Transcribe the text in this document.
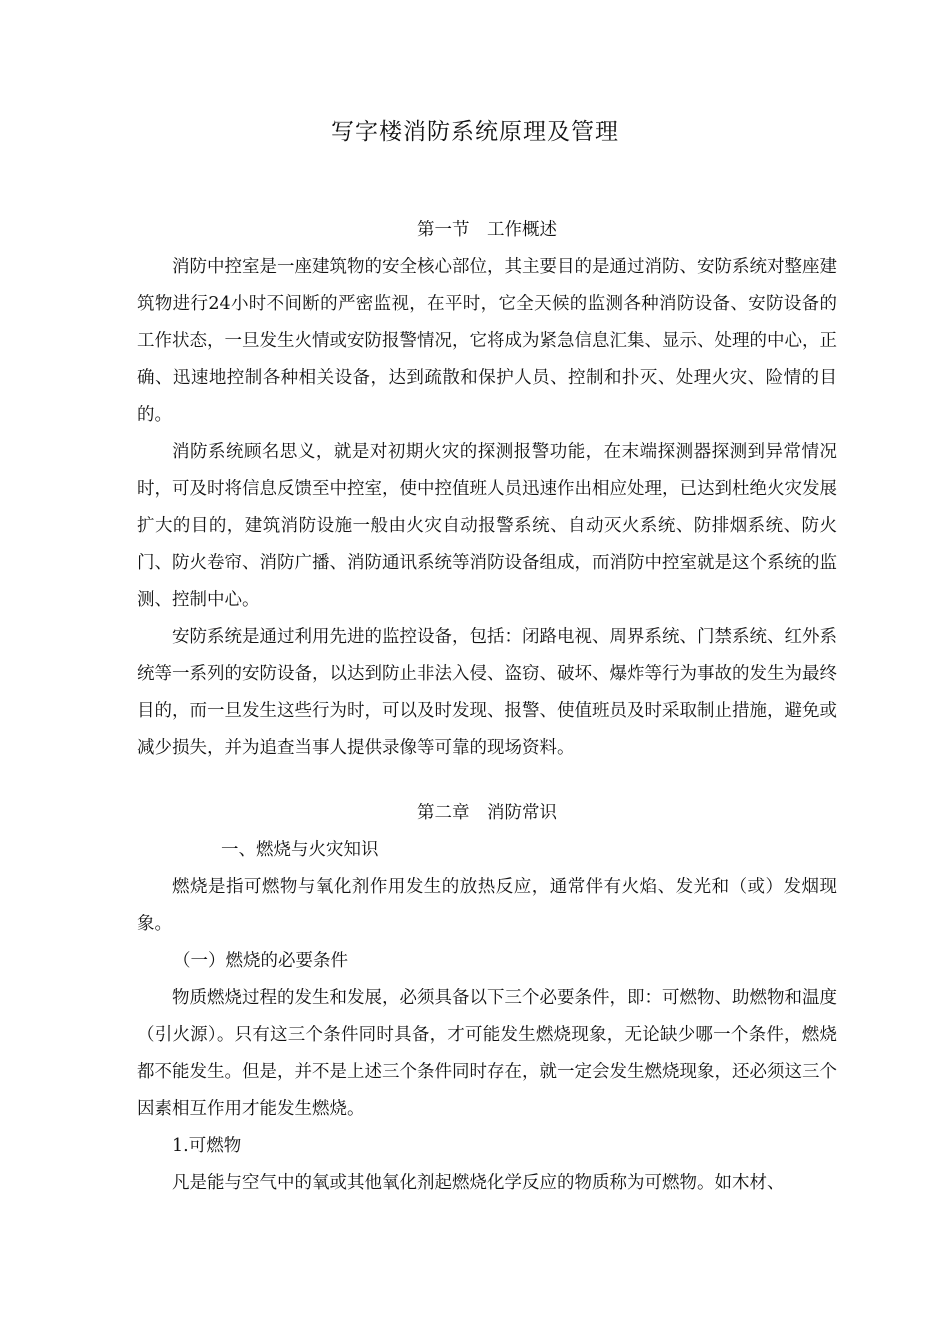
写字楼消防系统原理及管理
第一节　工作概述

消防中控室是一座建筑物的安全核心部位，其主要目的是通过消防、安防系统对整座建筑物进行24小时不间断的严密监视，在平时，它全天候的监测各种消防设备、安防设备的工作状态，一旦发生火情或安防报警情况，它将成为紧急信息汇集、显示、处理的中心，正确、迅速地控制各种相关设备，达到疏散和保护人员、控制和扑灭、处理火灾、险情的目的。

消防系统顾名思义，就是对初期火灾的探测报警功能，在末端探测器探测到异常情况时，可及时将信息反馈至中控室，使中控值班人员迅速作出相应处理，已达到杜绝火灾发展扩大的目的，建筑消防设施一般由火灾自动报警系统、自动灭火系统、防排烟系统、防火门、防火卷帘、消防广播、消防通讯系统等消防设备组成，而消防中控室就是这个系统的监测、控制中心。

安防系统是通过利用先进的监控设备，包括：闭路电视、周界系统、门禁系统、红外系统等一系列的安防设备，以达到防止非法入侵、盗窃、破坏、爆炸等行为事故的发生为最终目的，而一旦发生这些行为时，可以及时发现、报警、使值班员及时采取制止措施，避免或减少损失，并为追查当事人提供录像等可靠的现场资料。

第二章　消防常识

一、燃烧与火灾知识

燃烧是指可燃物与氧化剂作用发生的放热反应，通常伴有火焰、发光和（或）发烟现象。

（一）燃烧的必要条件

物质燃烧过程的发生和发展，必须具备以下三个必要条件，即：可燃物、助燃物和温度（引火源）。只有这三个条件同时具备，才可能发生燃烧现象，无论缺少哪一个条件，燃烧都不能发生。但是，并不是上述三个条件同时存在，就一定会发生燃烧现象，还必须这三个因素相互作用才能发生燃烧。

1.可燃物

凡是能与空气中的氧或其他氧化剂起燃烧化学反应的物质称为可燃物。如木材、
